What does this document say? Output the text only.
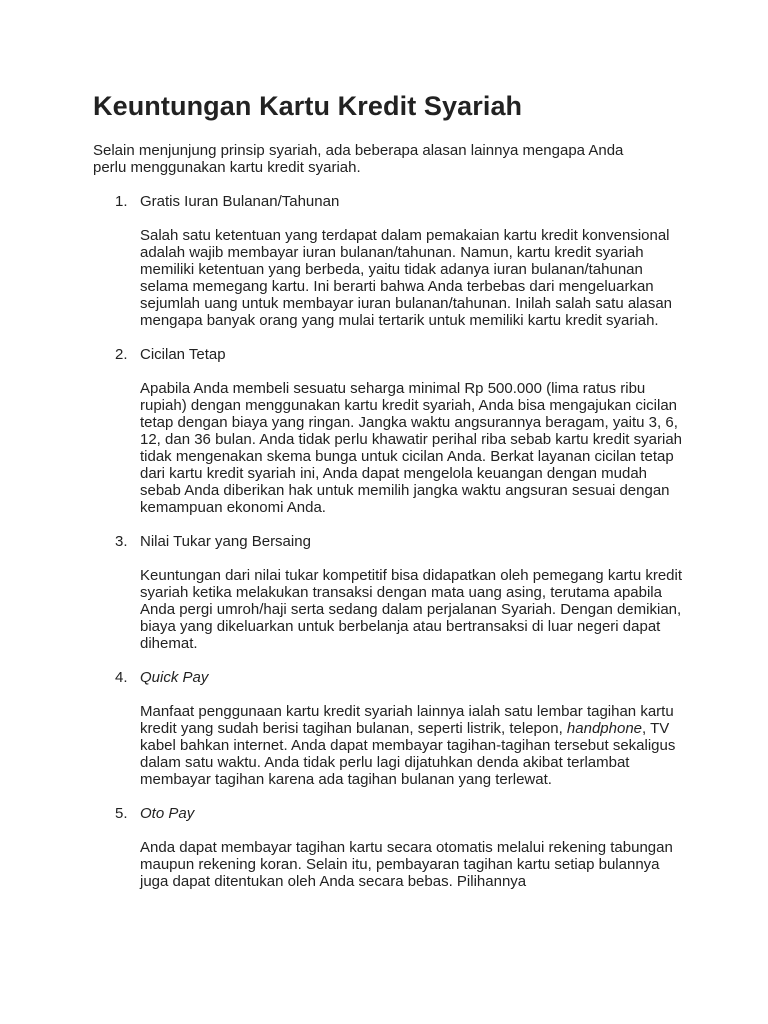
Keuntungan Kartu Kredit Syariah

Selain menjunjung prinsip syariah, ada beberapa alasan lainnya mengapa Anda perlu menggunakan kartu kredit syariah.

1. Gratis Iuran Bulanan/Tahunan
Salah satu ketentuan yang terdapat dalam pemakaian kartu kredit konvensional adalah wajib membayar iuran bulanan/tahunan. Namun, kartu kredit syariah memiliki ketentuan yang berbeda, yaitu tidak adanya iuran bulanan/tahunan selama memegang kartu. Ini berarti bahwa Anda terbebas dari mengeluarkan sejumlah uang untuk membayar iuran bulanan/tahunan. Inilah salah satu alasan mengapa banyak orang yang mulai tertarik untuk memiliki kartu kredit syariah.
2. Cicilan Tetap
Apabila Anda membeli sesuatu seharga minimal Rp 500.000 (lima ratus ribu rupiah) dengan menggunakan kartu kredit syariah, Anda bisa mengajukan cicilan tetap dengan biaya yang ringan. Jangka waktu angsurannya beragam, yaitu 3, 6, 12, dan 36 bulan. Anda tidak perlu khawatir perihal riba sebab kartu kredit syariah tidak mengenakan skema bunga untuk cicilan Anda. Berkat layanan cicilan tetap dari kartu kredit syariah ini, Anda dapat mengelola keuangan dengan mudah sebab Anda diberikan hak untuk memilih jangka waktu angsuran sesuai dengan kemampuan ekonomi Anda.
3. Nilai Tukar yang Bersaing
Keuntungan dari nilai tukar kompetitif bisa didapatkan oleh pemegang kartu kredit syariah ketika melakukan transaksi dengan mata uang asing, terutama apabila Anda pergi umroh/haji serta sedang dalam perjalanan Syariah. Dengan demikian, biaya yang dikeluarkan untuk berbelanja atau bertransaksi di luar negeri dapat dihemat.
4. Quick Pay
Manfaat penggunaan kartu kredit syariah lainnya ialah satu lembar tagihan kartu kredit yang sudah berisi tagihan bulanan, seperti listrik, telepon, handphone, TV kabel bahkan internet. Anda dapat membayar tagihan-tagihan tersebut sekaligus dalam satu waktu. Anda tidak perlu lagi dijatuhkan denda akibat terlambat membayar tagihan karena ada tagihan bulanan yang terlewat.
5. Oto Pay
Anda dapat membayar tagihan kartu secara otomatis melalui rekening tabungan maupun rekening koran. Selain itu, pembayaran tagihan kartu setiap bulannya juga dapat ditentukan oleh Anda secara bebas. Pilihannya
